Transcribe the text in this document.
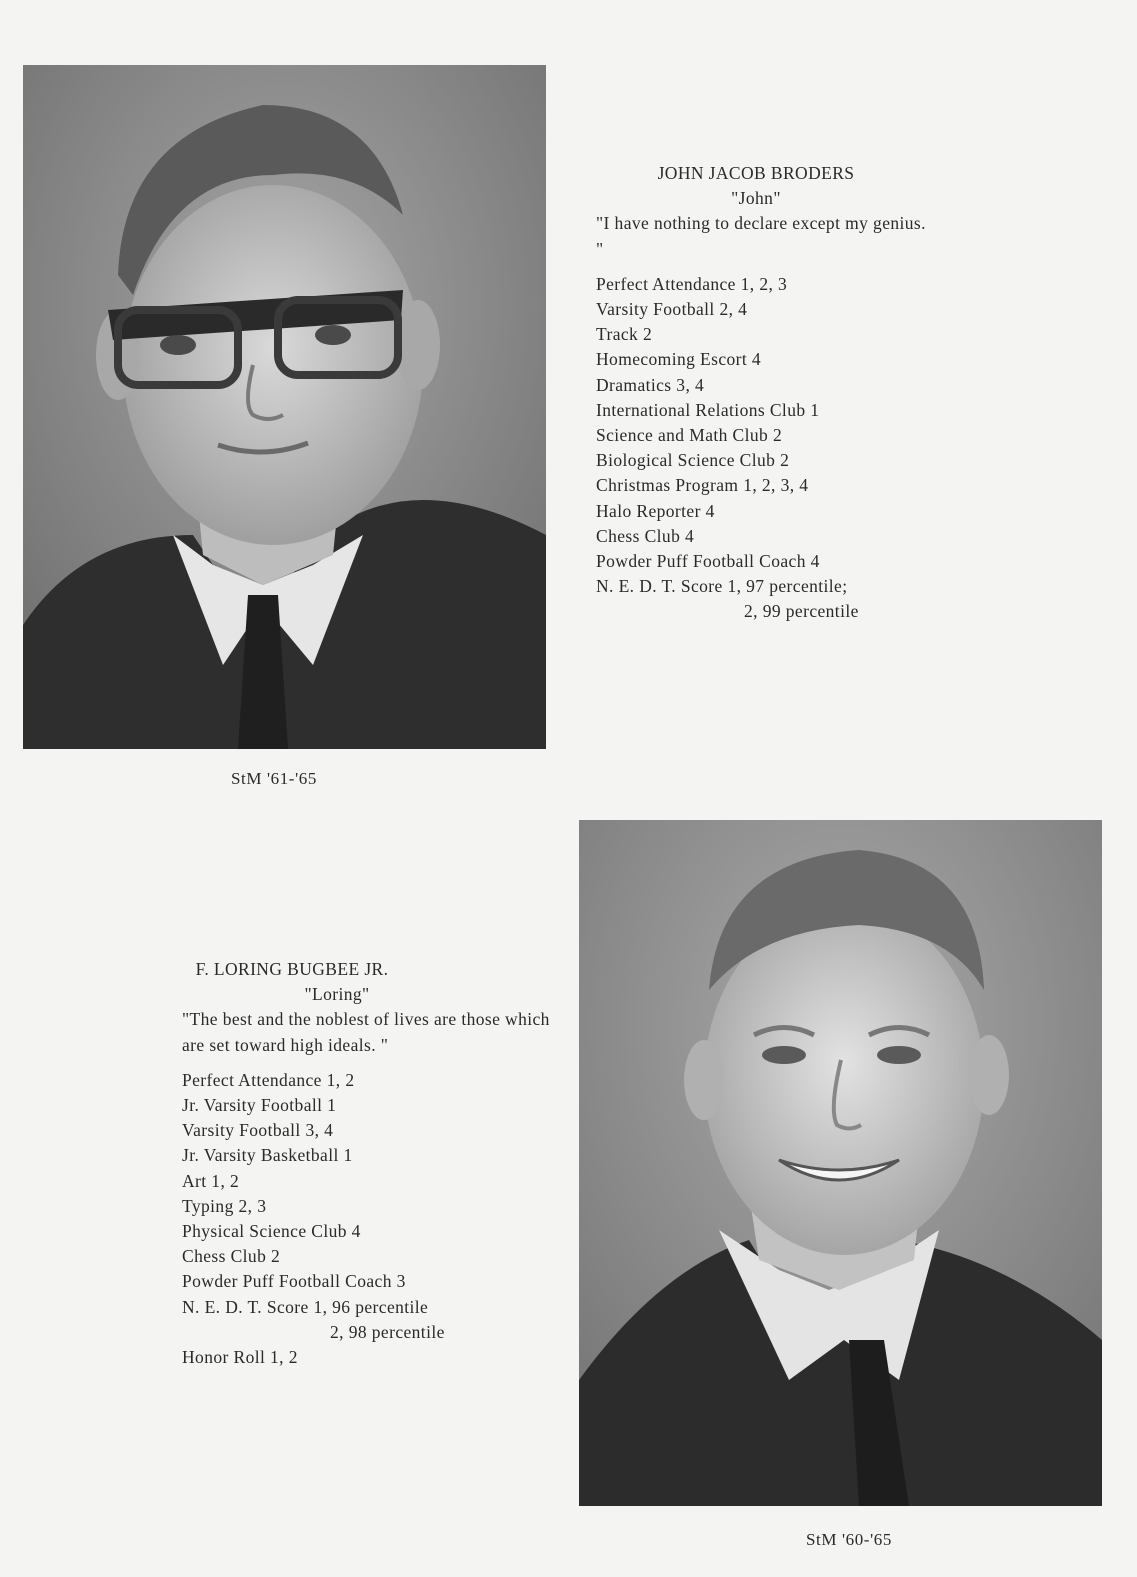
JOHN JACOB BRODERS
"John"
"I have nothing to declare except my genius. "
Perfect Attendance 1, 2, 3
Varsity Football 2, 4
Track 2
Homecoming Escort 4
Dramatics 3, 4
International Relations Club 1
Science and Math Club 2
Biological Science Club 2
Christmas Program 1, 2, 3, 4
Halo Reporter 4
Chess Club 4
Powder Puff Football Coach 4
N. E. D. T. Score 1, 97 percentile;
2, 99 percentile
StM '61-'65
F. LORING BUGBEE JR.
"Loring"
"The best and the noblest of lives are those which are set toward high ideals. "
Perfect Attendance 1, 2
Jr. Varsity Football 1
Varsity Football 3, 4
Jr. Varsity Basketball 1
Art 1, 2
Typing 2, 3
Physical Science Club 4
Chess Club 2
Powder Puff Football Coach 3
N. E. D. T. Score 1, 96 percentile
2, 98 percentile
Honor Roll 1, 2
StM '60-'65
